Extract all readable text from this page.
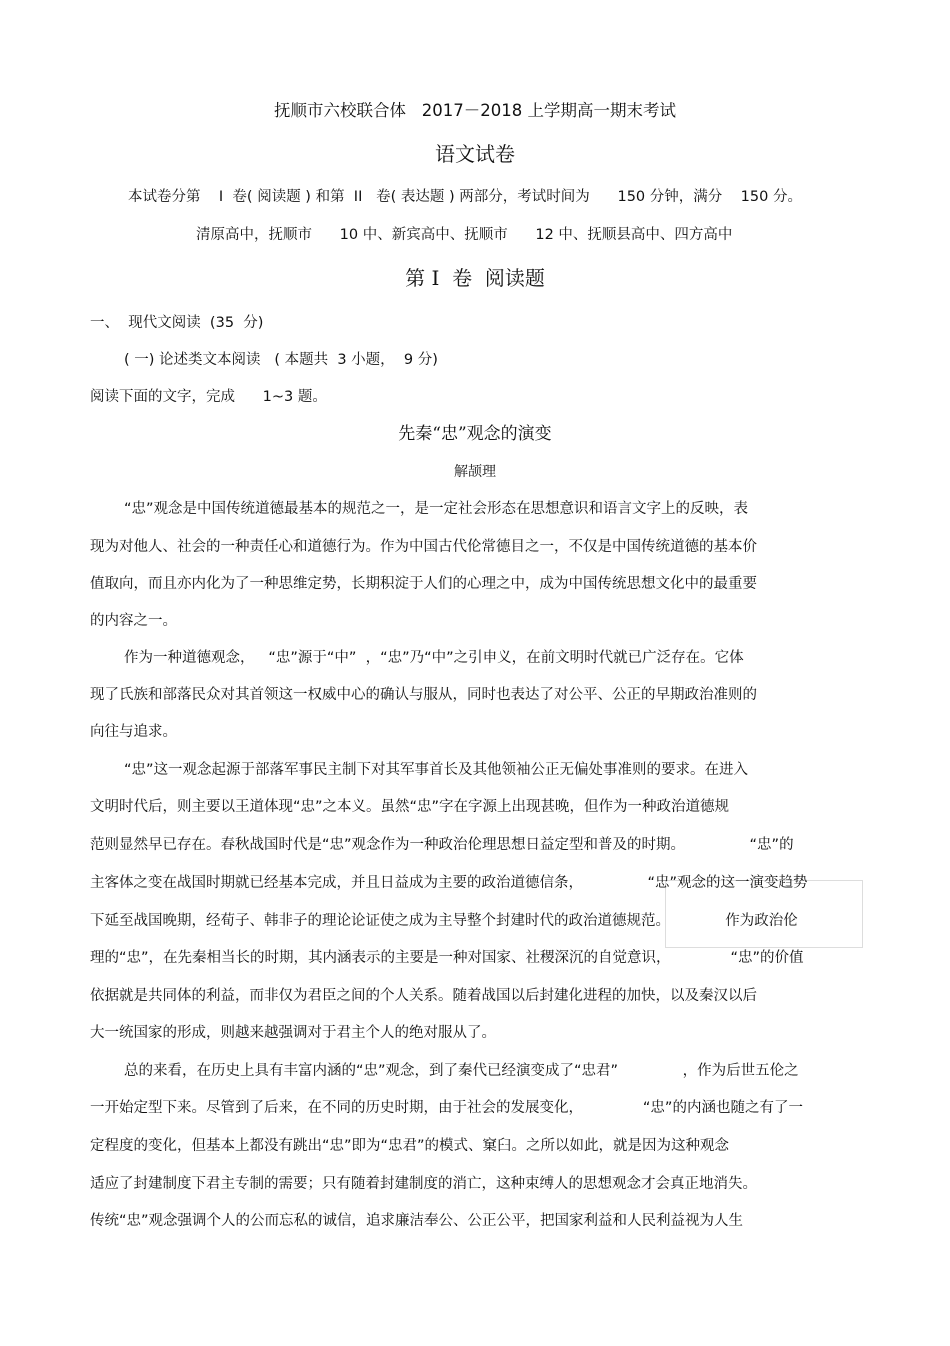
抚顺市六校联合体   2017－2018 上学期高一期末考试
语文试卷
本试卷分第    I  卷( 阅读题 ) 和第  II   卷( 表达题 ) 两部分，考试时间为      150 分钟，满分    150 分。
清原高中，抚顺市      10 中、新宾高中、抚顺市      12 中、抚顺县高中、四方高中
第 I  卷  阅读题
一、  现代文阅读  (35  分)
( 一) 论述类文本阅读   ( 本题共  3 小题，  9 分)
阅读下面的文字，完成      1~3 题。
先秦“忠”观念的演变
解颉理
“忠”观念是中国传统道德最基本的规范之一，是一定社会形态在思想意识和语言文字上的反映，表
现为对他人、社会的一种责任心和道德行为。作为中国古代伦常德目之一，不仅是中国传统道德的基本价
值取向，而且亦内化为了一种思维定势，长期积淀于人们的心理之中，成为中国传统思想文化中的最重要
的内容之一。
作为一种道德观念，   “忠”源于“中”  ，“忠”乃“中”之引申义，在前文明时代就已广泛存在。它体
现了氏族和部落民众对其首领这一权威中心的确认与服从，同时也表达了对公平、公正的早期政治准则的
向往与追求。
“忠”这一观念起源于部落军事民主制下对其军事首长及其他领袖公正无偏处事准则的要求。在进入
文明时代后，则主要以王道体现“忠”之本义。虽然“忠”字在字源上出现甚晚，但作为一种政治道德规
范则显然早已存在。春秋战国时代是“忠”观念作为一种政治伦理思想日益定型和普及的时期。              “忠”的
主客体之变在战国时期就已经基本完成，并且日益成为主要的政治道德信条，              “忠”观念的这一演变趋势
下延至战国晚期，经荀子、韩非子的理论论证使之成为主导整个封建时代的政治道德规范。            作为政治伦
理的“忠”，在先秦相当长的时期，其内涵表示的主要是一种对国家、社稷深沉的自觉意识，             “忠”的价值
依据就是共同体的利益，而非仅为君臣之间的个人关系。随着战国以后封建化进程的加快，以及秦汉以后
大一统国家的形成，则越来越强调对于君主个人的绝对服从了。
总的来看，在历史上具有丰富内涵的“忠”观念，到了秦代已经演变成了“忠君”              ，作为后世五伦之
一开始定型下来。尽管到了后来，在不同的历史时期，由于社会的发展变化，             “忠”的内涵也随之有了一
定程度的变化，但基本上都没有跳出“忠”即为“忠君”的模式、窠臼。之所以如此，就是因为这种观念
适应了封建制度下君主专制的需要；只有随着封建制度的消亡，这种束缚人的思想观念才会真正地消失。
传统“忠”观念强调个人的公而忘私的诚信，追求廉洁奉公、公正公平，把国家利益和人民利益视为人生
